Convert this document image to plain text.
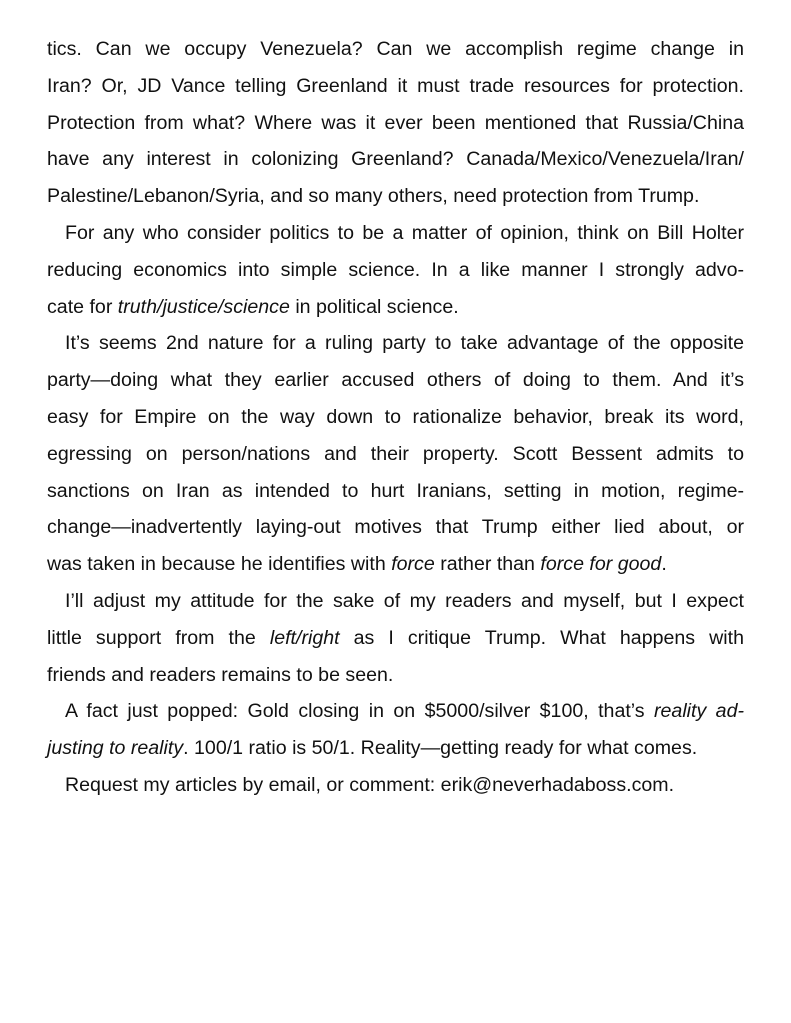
tics. Can we occupy Venezuela? Can we accomplish regime change in
Iran? Or, JD Vance telling Greenland it must trade resources for protection.
Protection from what? Where was it ever been mentioned that Russia/China
have any interest in colonizing Greenland? Canada/Mexico/Venezuela/Iran/
Palestine/Lebanon/Syria, and so many others, need protection from Trump.
For any who consider politics to be a matter of opinion, think on Bill Holter
reducing economics into simple science. In a like manner I strongly advo-
cate for truth/justice/science in political science.
It’s seems 2nd nature for a ruling party to take advantage of the opposite
party—doing what they earlier accused others of doing to them. And it’s
easy for Empire on the way down to rationalize behavior, break its word,
egressing on person/nations and their property. Scott Bessent admits to
sanctions on Iran as intended to hurt Iranians, setting in motion, regime-
change—inadvertently laying-out motives that Trump either lied about, or
was taken in because he identifies with force rather than force for good.
I’ll adjust my attitude for the sake of my readers and myself, but I expect
little support from the left/right as I critique Trump. What happens with
friends and readers remains to be seen.
A fact just popped: Gold closing in on $5000/silver $100, that’s reality ad-
justing to reality. 100/1 ratio is 50/1. Reality—getting ready for what comes.
Request my articles by email, or comment: erik@neverhadaboss.com.
